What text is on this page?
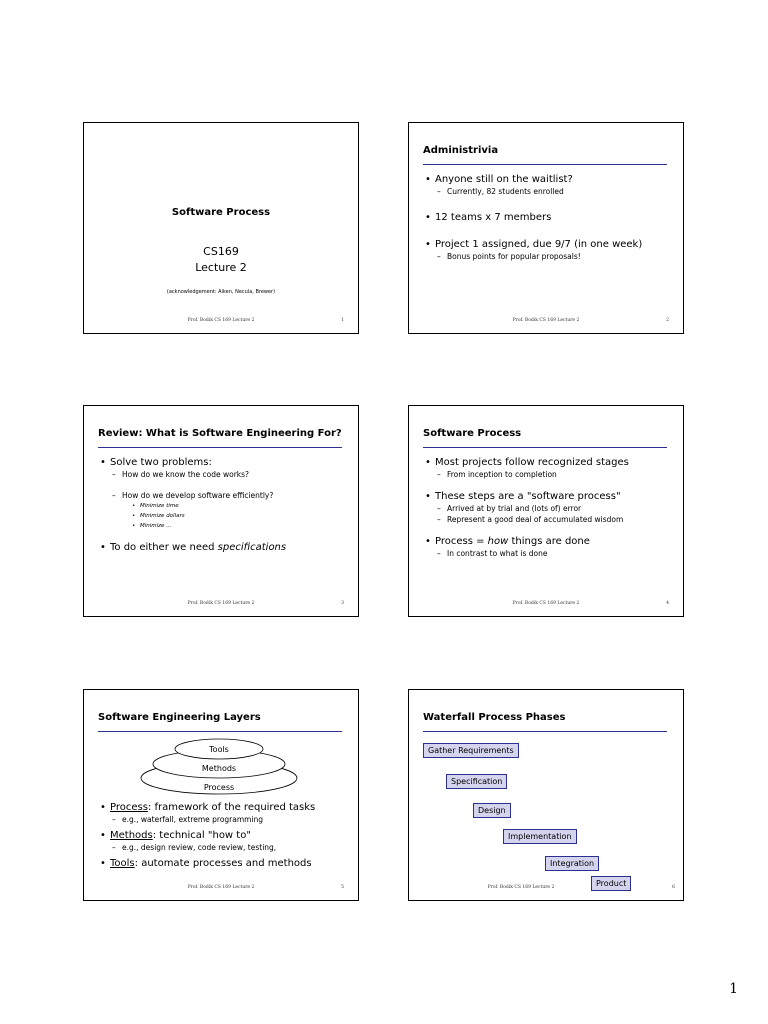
Software Process
CS169
Lecture 2
(acknowledgement: Aiken, Necula, Brewer)
Prof. Bodik CS 169 Lecture 2	1
Administrivia
• Anyone still on the waitlist?
– Currently, 82 students enrolled
• 12 teams x 7 members
• Project 1 assigned, due 9/7 (in one week)
– Bonus points for popular proposals!
Prof. Bodik CS 169 Lecture 2	2
Review: What is Software Engineering For?
• Solve two problems:
– How do we know the code works?
– How do we develop software efficiently?
• Minimize time
• Minimize dollars
• Minimize …
• To do either we need specifications
Prof. Bodik CS 169 Lecture 2	3
Software Process
• Most projects follow recognized stages
– From inception to completion
• These steps are a "software process"
– Arrived at by trial and (lots of) error
– Represent a good deal of accumulated wisdom
• Process = how things are done
– In contrast to what is done
Prof. Bodik CS 169 Lecture 2	4
Software Engineering Layers
Tools
Methods
Process
• Process: framework of the required tasks
– e.g., waterfall, extreme programming
• Methods: technical "how to"
– e.g., design review, code review, testing,
• Tools: automate processes and methods
Prof. Bodik CS 169 Lecture 2	5
Waterfall Process Phases
Gather Requirements
Specification
Design
Implementation
Integration
Prof. Bodik CS 169 Lecture 2	Product	6
1
